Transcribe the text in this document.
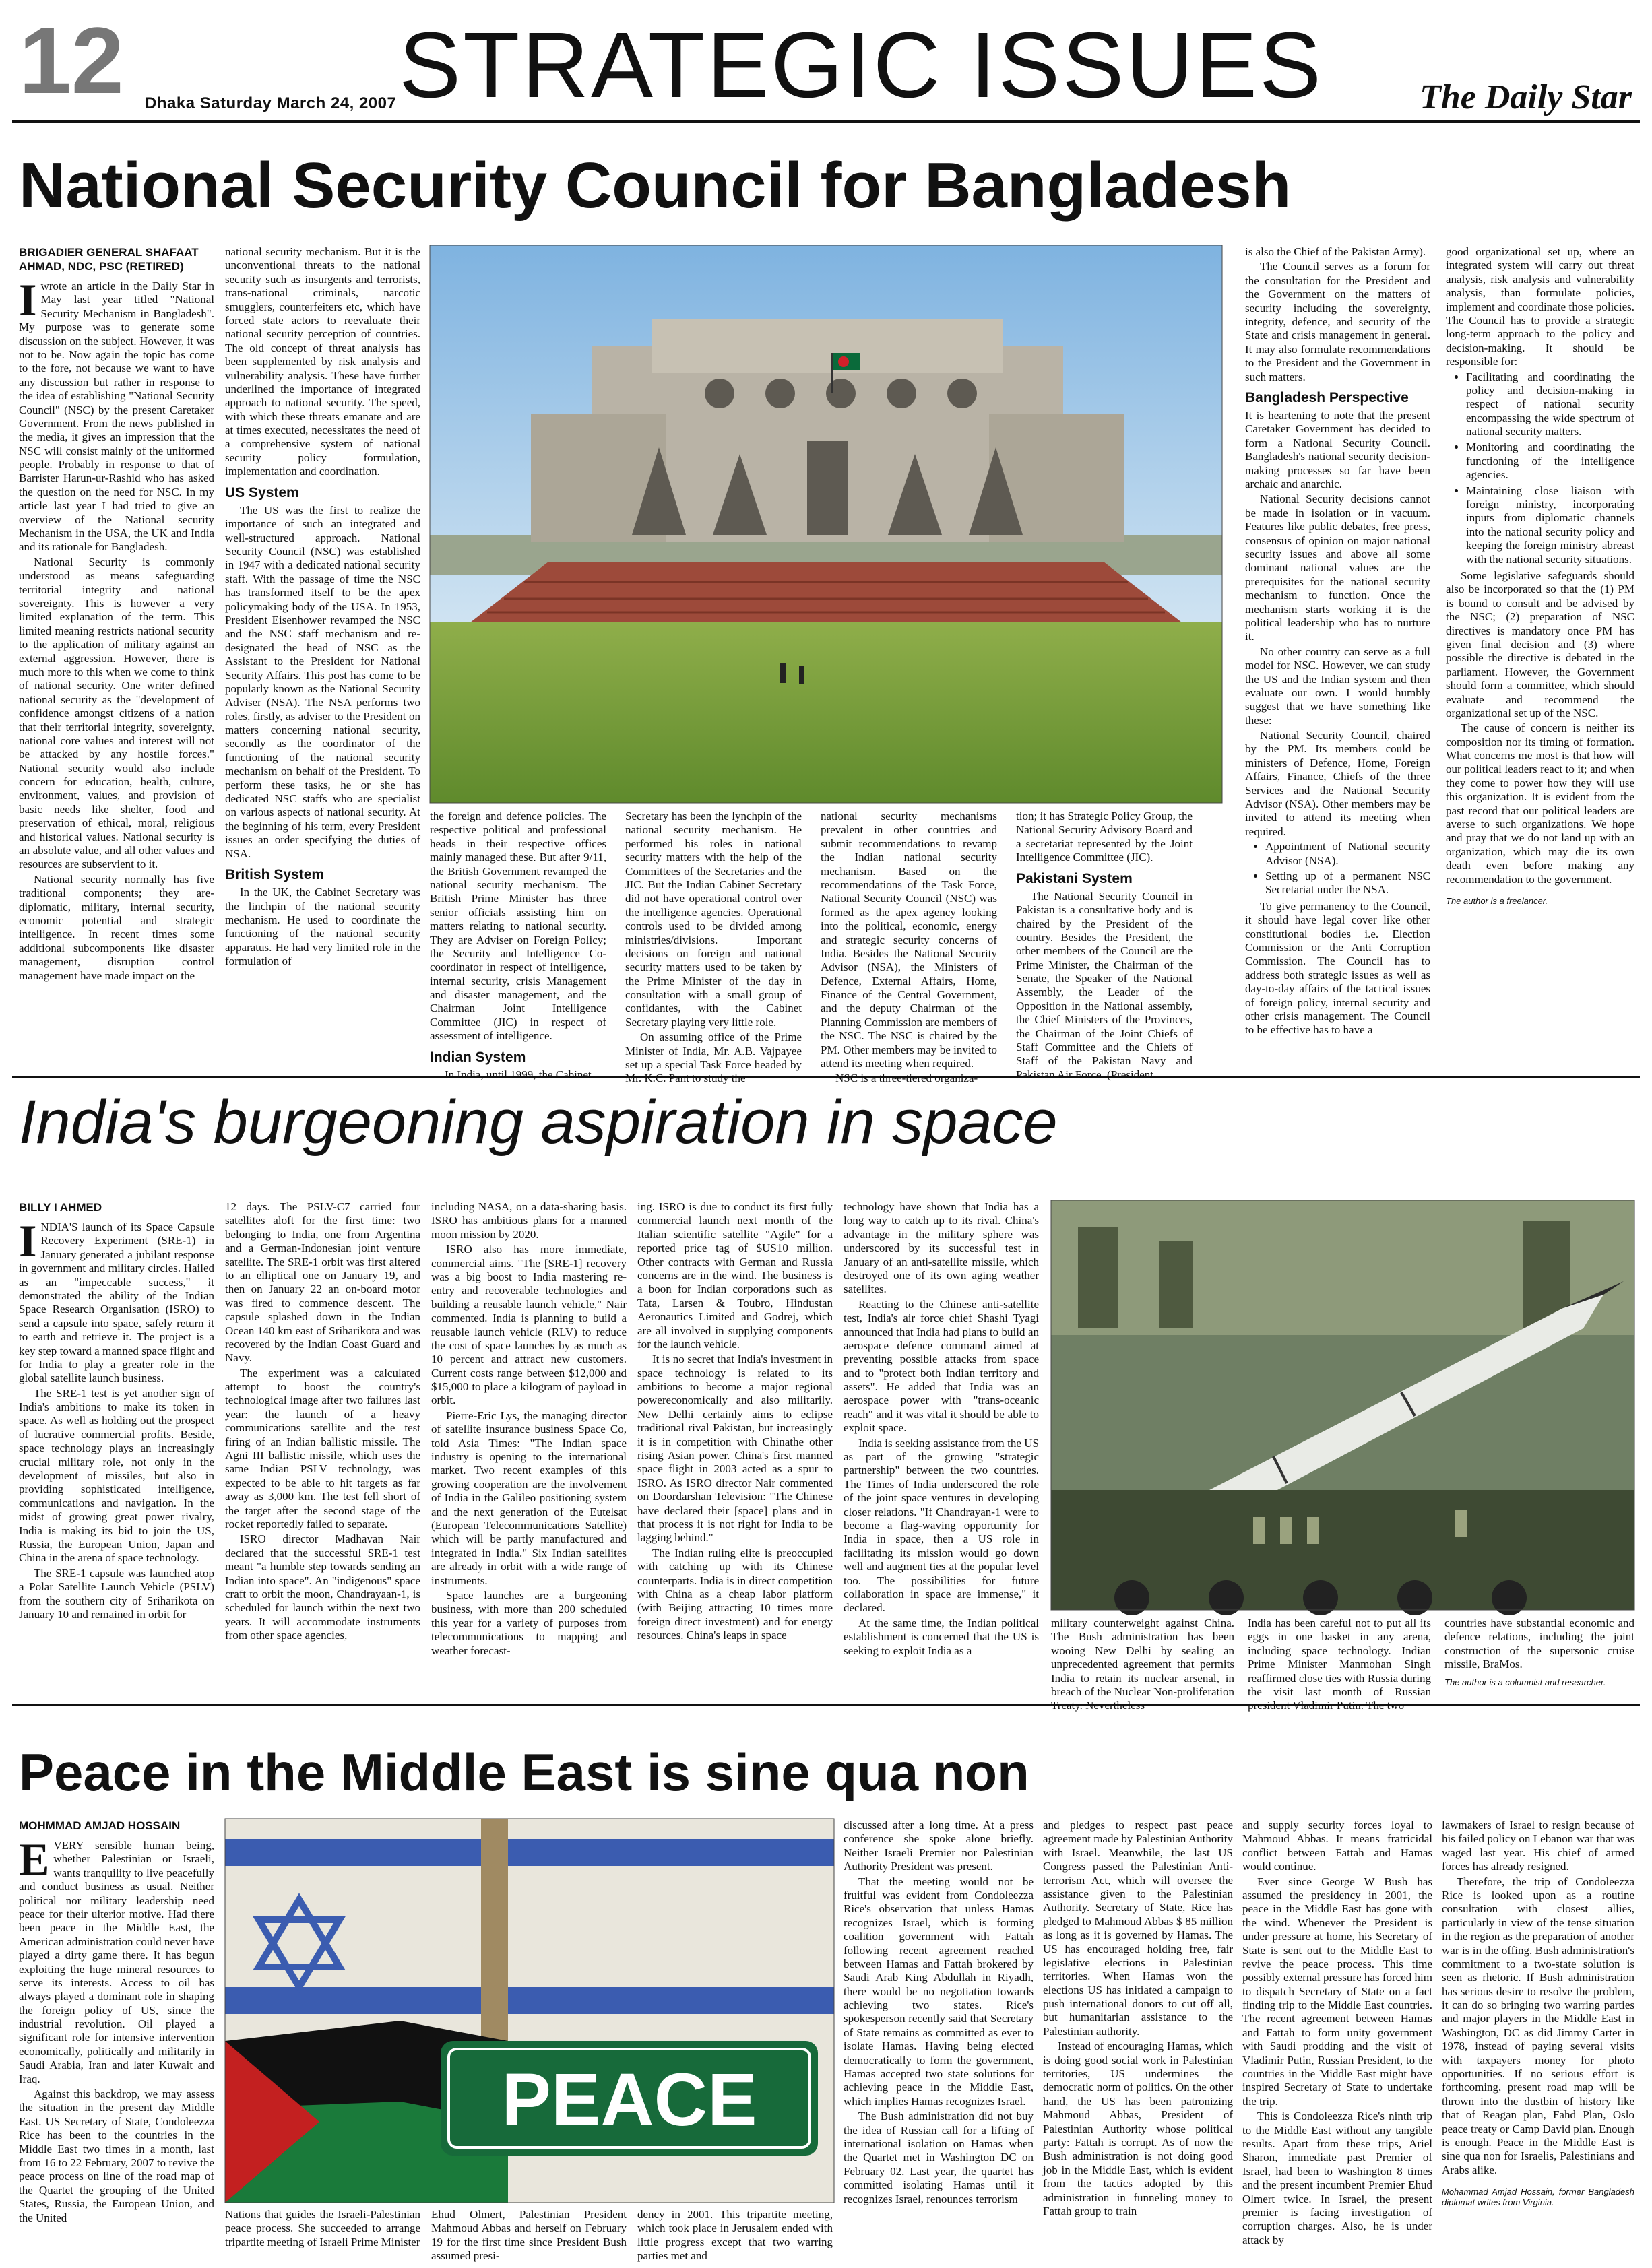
12 Dhaka Saturday March 24, 2007 STRATEGIC ISSUES	The Daily Star
National Security Council for Bangladesh
BRIGADIER GENERAL SHAFAAT AHMAD, NDC, PSC (RETIRED)

Iwrote an article in the Daily Star in May last year titled "National Security Mechanism in Bangladesh". My purpose was to generate some discussion on the subject. However, it was not to be. Now again the topic has come to the fore, not because we want to have any discussion but rather in response to the idea of establishing "National Security Council" (NSC) by the present Caretaker Government. From the news published in the media, it gives an impression that the NSC will consist mainly of the uniformed people. Probably in response to that of Barrister Harun-ur-Rashid who has asked the question on the need for NSC. In my article last year I had tried to give an overview of the National security Mechanism in the USA, the UK and India and its rationale for Bangladesh.

National Security is commonly understood as means safeguarding territorial integrity and national sovereignty. This is however a very limited explanation of the term. This limited meaning restricts national security to the application of military against an external aggression. However, there is much more to this when we come to think of national security. One writer defined national security as the "development of confidence amongst citizens of a nation that their territorial integrity, sovereignty, national core values and interest will not be attacked by any hostile forces." National security would also include concern for education, health, culture, environment, values, and provision of basic needs like shelter, food and preservation of ethical, moral, religious and historical values. National security is an absolute value, and all other values and resources are subservient to it.

National security normally has five traditional components; they are- diplomatic, military, internal security, economic potential and strategic intelligence. In recent times some additional subcomponents like disaster management, disruption control management have made impact on the

national security mechanism. But it is the unconventional threats to the national security such as insurgents and terrorists, trans-national criminals, narcotic smugglers, counterfeiters etc, which have forced state actors to reevaluate their national security perception of countries. The old concept of threat analysis has been supplemented by risk analysis and vulnerability analysis. These have further underlined the importance of integrated approach to national security. The speed, with which these threats emanate and are at times executed, necessitates the need of a comprehensive system of national security policy formulation, implementation and coordination.

US System

The US was the first to realize the importance of such an integrated and well-structured approach. National Security Council (NSC) was established in 1947 with a dedicated national security staff. With the passage of time the NSC has transformed itself to be the apex policymaking body of the USA. In 1953, President Eisenhower revamped the NSC and the NSC staff mechanism and re-designated the head of NSC as the Assistant to the President for National Security Affairs. This post has come to be popularly known as the National Security Adviser (NSA). The NSA performs two roles, firstly, as adviser to the President on matters concerning national security, secondly as the coordinator of the functioning of the national security mechanism on behalf of the President. To perform these tasks, he or she has dedicated NSC staffs who are specialist on various aspects of national security. At the beginning of his term, every President issues an order specifying the duties of NSA.

British System

In the UK, the Cabinet Secretary was the linchpin of the national security mechanism. He used to coordinate the functioning of the national security apparatus. He had very limited role in the formulation of

the foreign and defence policies. The respective political and professional heads in their respective offices mainly managed these. But after 9/11, the British Government revamped the national security mechanism. The British Prime Minister has three senior officials assisting him on matters relating to national security. They are Adviser on Foreign Policy; the Security and Intelligence Co-coordinator in respect of intelligence, internal security, crisis Management and disaster management, and the Chairman Joint Intelligence Committee (JIC) in respect of assessment of intelligence.

Indian System

In India, until 1999, the Cabinet

Secretary has been the lynchpin of the national security mechanism. He performed his roles in national security matters with the help of the Committees of the Secretaries and the JIC. But the Indian Cabinet Secretary did not have operational control over the intelligence agencies. Operational controls used to be divided among ministries/divisions. Important decisions on foreign and national security matters used to be taken by the Prime Minister of the day in consultation with a small group of confidantes, with the Cabinet Secretary playing very little role.

On assuming office of the Prime Minister of India, Mr. A.B. Vajpayee set up a special Task Force headed by Mr. K.C. Pant to study the

national security mechanisms prevalent in other countries and submit recommendations to revamp the Indian national security mechanism. Based on the recommendations of the Task Force, National Security Council (NSC) was formed as the apex agency looking into the political, economic, energy and strategic security concerns of India. Besides the National Security Advisor (NSA), the Ministers of Defence, External Affairs, Home, Finance of the Central Government, and the deputy Chairman of the Planning Commission are members of the NSC. The NSC is chaired by the PM. Other members may be invited to attend its meeting when required.

NSC is a three-tiered organiza-

tion; it has Strategic Policy Group, the National Security Advisory Board and a secretariat represented by the Joint Intelligence Committee (JIC).

Pakistani System

The National Security Council in Pakistan is a consultative body and is chaired by the President of the country. Besides the President, the other members of the Council are the Prime Minister, the Chairman of the Senate, the Speaker of the National Assembly, the Leader of the Opposition in the National assembly, the Chief Ministers of the Provinces, the Chairman of the Joint Chiefs of Staff Committee and the Chiefs of Staff of the Pakistan Navy and Pakistan Air Force. (President

is also the Chief of the Pakistan Army).

The Council serves as a forum for the consultation for the President and the Government on the matters of security including the sovereignty, integrity, defence, and security of the State and crisis management in general. It may also formulate recommendations to the President and the Government in such matters.

Bangladesh Perspective

It is heartening to note that the present Caretaker Government has decided to form a National Security Council. Bangladesh's national security decision-making processes so far have been archaic and anarchic.

National Security decisions cannot be made in isolation or in vacuum. Features like public debates, free press, consensus of opinion on major national security issues and above all some dominant national values are the prerequisites for the national security mechanism to function. Once the mechanism starts working it is the political leadership who has to nurture it.

No other country can serve as a full model for NSC. However, we can study the US and the Indian system and then evaluate our own. I would humbly suggest that we have something like these:

National Security Council, chaired by the PM. Its members could be ministers of Defence, Home, Foreign Affairs, Finance, Chiefs of the three Services and the National Security Advisor (NSA). Other members may be invited to attend its meeting when required.

• Appointment of National security Advisor (NSA).
• Setting up of a permanent NSC Secretariat under the NSA.

To give permanency to the Council, it should have legal cover like other constitutional bodies i.e. Election Commission or the Anti Corruption Commission. The Council has to address both strategic issues as well as day-to-day affairs of the tactical issues of foreign policy, internal security and other crisis management. The Council to be effective has to have a

good organizational set up, where an integrated system will carry out threat analysis, risk analysis and vulnerability analysis, than formulate policies, implement and coordinate those policies. The Council has to provide a strategic long-term approach to the policy and decision-making. It should be responsible for:

• Facilitating and coordinating the policy and decision-making in respect of national security encompassing the wide spectrum of national security matters.
• Monitoring and coordinating the functioning of the intelligence agencies.
• Maintaining close liaison with foreign ministry, incorporating inputs from diplomatic channels into the national security policy and keeping the foreign ministry abreast with the national security situations.

Some legislative safeguards should also be incorporated so that the (1) PM is bound to consult and be advised by the NSC; (2) preparation of NSC directives is mandatory once PM has given final decision and (3) where possible the directive is debated in the parliament. However, the Government should form a committee, which should evaluate and recommend the organizational set up of the NSC.

The cause of concern is neither its composition nor its timing of formation. What concerns me most is that how will our political leaders react to it; and when they come to power how they will use this organization. It is evident from the past record that our political leaders are averse to such organizations. We hope and pray that we do not land up with an organization, which may die its own death even before making any recommendation to the government.

The author is a freelancer.
India's burgeoning aspiration in space
BILLY I AHMED

INDIA'S launch of its Space Capsule Recovery Experiment (SRE-1) in January generated a jubilant response in government and military circles. Hailed as an "impeccable success," it demonstrated the ability of the Indian Space Research Organisation (ISRO) to send a capsule into space, safely return it to earth and retrieve it. The project is a key step toward a manned space flight and for India to play a greater role in the global satellite launch business.

The SRE-1 test is yet another sign of India's ambitions to make its token in space. As well as holding out the prospect of lucrative commercial profits. Beside, space technology plays an increasingly crucial military role, not only in the development of missiles, but also in providing sophisticated intelligence, communications and navigation. In the midst of growing great power rivalry, India is making its bid to join the US, Russia, the European Union, Japan and China in the arena of space technology.

The SRE-1 capsule was launched atop a Polar Satellite Launch Vehicle (PSLV) from the southern city of Sriharikota on January 10 and remained in orbit for

12 days. The PSLV-C7 carried four satellites aloft for the first time: two belonging to India, one from Argentina and a German-Indonesian joint venture satellite. The SRE-1 orbit was first altered to an elliptical one on January 19, and then on January 22 an on-board motor was fired to commence descent. The capsule splashed down in the Indian Ocean 140 km east of Sriharikota and was recovered by the Indian Coast Guard and Navy.

The experiment was a calculated attempt to boost the country's technological image after two failures last year: the launch of a heavy communications satellite and the test firing of an Indian ballistic missile. The Agni III ballistic missile, which uses the same Indian PSLV technology, was expected to be able to hit targets as far away as 3,000 km. The test fell short of the target after the second stage of the rocket reportedly failed to separate.

ISRO director Madhavan Nair declared that the successful SRE-1 test meant "a humble step towards sending an Indian into space". An "indigenous" space craft to orbit the moon, Chandrayaan-1, is scheduled for launch within the next two years. It will accommodate instruments from other space agencies,

including NASA, on a data-sharing basis. ISRO has ambitious plans for a manned moon mission by 2020.

ISRO also has more immediate, commercial aims. "The [SRE-1] recovery was a big boost to India mastering re-entry and recoverable technologies and building a reusable launch vehicle," Nair commented. India is planning to build a reusable launch vehicle (RLV) to reduce the cost of space launches by as much as 10 percent and attract new customers. Current costs range between $12,000 and $15,000 to place a kilogram of payload in orbit.

Pierre-Eric Lys, the managing director of satellite insurance business Space Co, told Asia Times: "The Indian space industry is opening to the international market. Two recent examples of this growing cooperation are the involvement of India in the Galileo positioning system and the next generation of the Eutelsat (European Telecommunications Satellite) which will be partly manufactured and integrated in India." Six Indian satellites are already in orbit with a wide range of instruments.

Space launches are a burgeoning business, with more than 200 scheduled this year for a variety of purposes from telecommunications to mapping and weather forecast-

ing. ISRO is due to conduct its first fully commercial launch next month of the Italian scientific satellite "Agile" for a reported price tag of $US10 million. Other contracts with German and Russia concerns are in the wind. The business is a boon for Indian corporations such as Tata, Larsen & Toubro, Hindustan Aeronautics Limited and Godrej, which are all involved in supplying components for the launch vehicle.

It is no secret that India's investment in space technology is related to its ambitions to become a major regional powereconomically and also militarily. New Delhi certainly aims to eclipse traditional rival Pakistan, but increasingly it is in competition with Chinathe other rising Asian power. China's first manned space flight in 2003 acted as a spur to ISRO. As ISRO director Nair commented on Doordarshan Television: "The Chinese have declared their [space] plans and in that process it is not right for India to be lagging behind."

The Indian ruling elite is preoccupied with catching up with its Chinese counterparts. India is in direct competition with China as a cheap labor platform (with Beijing attracting 10 times more foreign direct investment) and for energy resources. China's leaps in space

technology have shown that India has a long way to catch up to its rival. China's advantage in the military sphere was underscored by its successful test in January of an anti-satellite missile, which destroyed one of its own aging weather satellites.

Reacting to the Chinese anti-satellite test, India's air force chief Shashi Tyagi announced that India had plans to build an aerospace defence command aimed at preventing possible attacks from space and to "protect both Indian territory and assets". He added that India was an aerospace power with "trans-oceanic reach" and it was vital it should be able to exploit space.

India is seeking assistance from the US as part of the growing "strategic partnership" between the two countries. The Times of India underscored the role of the joint space ventures in developing closer relations. "If Chandrayan-1 were to become a flag-waving opportunity for India in space, then a US role in facilitating its mission would go down well and augment ties at the popular level too. The possibilities for future collaboration in space are immense," it declared.

At the same time, the Indian political establishment is concerned that the US is seeking to exploit India as a

military counterweight against China. The Bush administration has been wooing New Delhi by sealing an unprecedented agreement that permits India to retain its nuclear arsenal, in breach of the Nuclear Non-proliferation Treaty. Nevertheless

India has been careful not to put all its eggs in one basket in any arena, including space technology. Indian Prime Minister Manmohan Singh reaffirmed close ties with Russia during the visit last month of Russian president Vladimir Putin. The two

countries have substantial economic and defence relations, including the joint construction of the supersonic cruise missile, BraMos.

The author is a columnist and researcher.
Peace in the Middle East is sine qua non
MOHMMAD AMJAD HOSSAIN

EVERY sensible human being, whether Palestinian or Israeli, wants tranquility to live peacefully and conduct business as usual. Neither political nor military leadership need peace for their ulterior motive. Had there been peace in the Middle East, the American administration could never have played a dirty game there. It has begun exploiting the huge mineral resources to serve its interests. Access to oil has always played a dominant role in shaping the foreign policy of US, since the industrial revolution. Oil played a significant role for intensive intervention economically, politically and militarily in Saudi Arabia, Iran and later Kuwait and Iraq.

Against this backdrop, we may assess the situation in the present day Middle East. US Secretary of State, Condoleezza Rice has been to the countries in the Middle East two times in a month, last from 16 to 22 February, 2007 to revive the peace process on line of the road map of the Quartet the grouping of the United States, Russia, the European Union, and the United

PEACE

Nations that guides the Israeli-Palestinian peace process. She succeeded to arrange tripartite meeting of Israeli Prime Minister

Ehud Olmert, Palestinian President Mahmoud Abbas and herself on February 19 for the first time since President Bush assumed presi-

dency in 2001. This tripartite meeting, which took place in Jerusalem ended with little progress except that two warring parties met and

discussed after a long time. At a press conference she spoke alone briefly. Neither Israeli Premier nor Palestinian Authority President was present.

That the meeting would not be fruitful was evident from Condoleezza Rice's observation that unless Hamas recognizes Israel, which is forming coalition government with Fattah following recent agreement reached between Hamas and Fattah brokered by Saudi Arab King Abdullah in Riyadh, there would be no negotiation towards achieving two states. Rice's spokesperson recently said that Secretary of State remains as committed as ever to isolate Hamas. Having being elected democratically to form the government, Hamas accepted two state solutions for achieving peace in the Middle East, which implies Hamas recognizes Israel.

The Bush administration did not buy the idea of Russian call for a lifting of international isolation on Hamas when the Quartet met in Washington DC on February 02. Last year, the quartet has committed isolating Hamas until it recognizes Israel, renounces terrorism

and pledges to respect past peace agreement made by Palestinian Authority with Israel. Meanwhile, the last US Congress passed the Palestinian Anti- terrorism Act, which will oversee the assistance given to the Palestinian Authority. Secretary of State, Rice has pledged to Mahmoud Abbas $ 85 million as long as it is governed by Hamas. The US has encouraged holding free, fair legislative elections in Palestinian territories. When Hamas won the elections US has initiated a campaign to push international donors to cut off all, but humanitarian assistance to the Palestinian authority.

Instead of encouraging Hamas, which is doing good social work in Palestinian territories, US undermines the democratic norm of politics. On the other hand, the US has been patronizing Mahmoud Abbas, President of Palestinian Authority whose political party: Fattah is corrupt. As of now the Bush administration is not doing good job in the Middle East, which is evident from the tactics adopted by this administration in funneling money to Fattah group to train

and supply security forces loyal to Mahmoud Abbas. It means fratricidal conflict between Fattah and Hamas would continue.

Ever since George W Bush has assumed the presidency in 2001, the peace in the Middle East has gone with the wind. Whenever the President is under pressure at home, his Secretary of State is sent out to the Middle East to revive the peace process. This time possibly external pressure has forced him to dispatch Secretary of State on a fact finding trip to the Middle East countries. The recent agreement between Hamas and Fattah to form unity government with Saudi prodding and the visit of Vladimir Putin, Russian President, to the countries in the Middle East might have inspired Secretary of State to undertake the trip.

This is Condoleezza Rice's ninth trip to the Middle East without any tangible results. Apart from these trips, Ariel Sharon, immediate past Premier of Israel, had been to Washington 8 times and the present incumbent Premier Ehud Olmert twice. In Israel, the present premier is facing investigation of corruption charges. Also, he is under attack by

lawmakers of Israel to resign because of his failed policy on Lebanon war that was waged last year. His chief of armed forces has already resigned.

Therefore, the trip of Condoleezza Rice is looked upon as a routine consultation with closest allies, particularly in view of the tense situation in the region as the preparation of another war is in the offing. Bush administration's commitment to a two-state solution is seen as rhetoric. If Bush administration has serious desire to resolve the problem, it can do so bringing two warring parties and major players in the Middle East in Washington, DC as did Jimmy Carter in 1978, instead of paying several visits with taxpayers money for photo opportunities. If no serious effort is forthcoming, present road map will be thrown into the dustbin of history like that of Reagan plan, Fahd Plan, Oslo peace treaty or Camp David plan. Enough is enough. Peace in the Middle East is sine qua non for Israelis, Palestinians and Arabs alike.

Mohammad Amjad Hossain, former Bangladesh diplomat writes from Virginia.
